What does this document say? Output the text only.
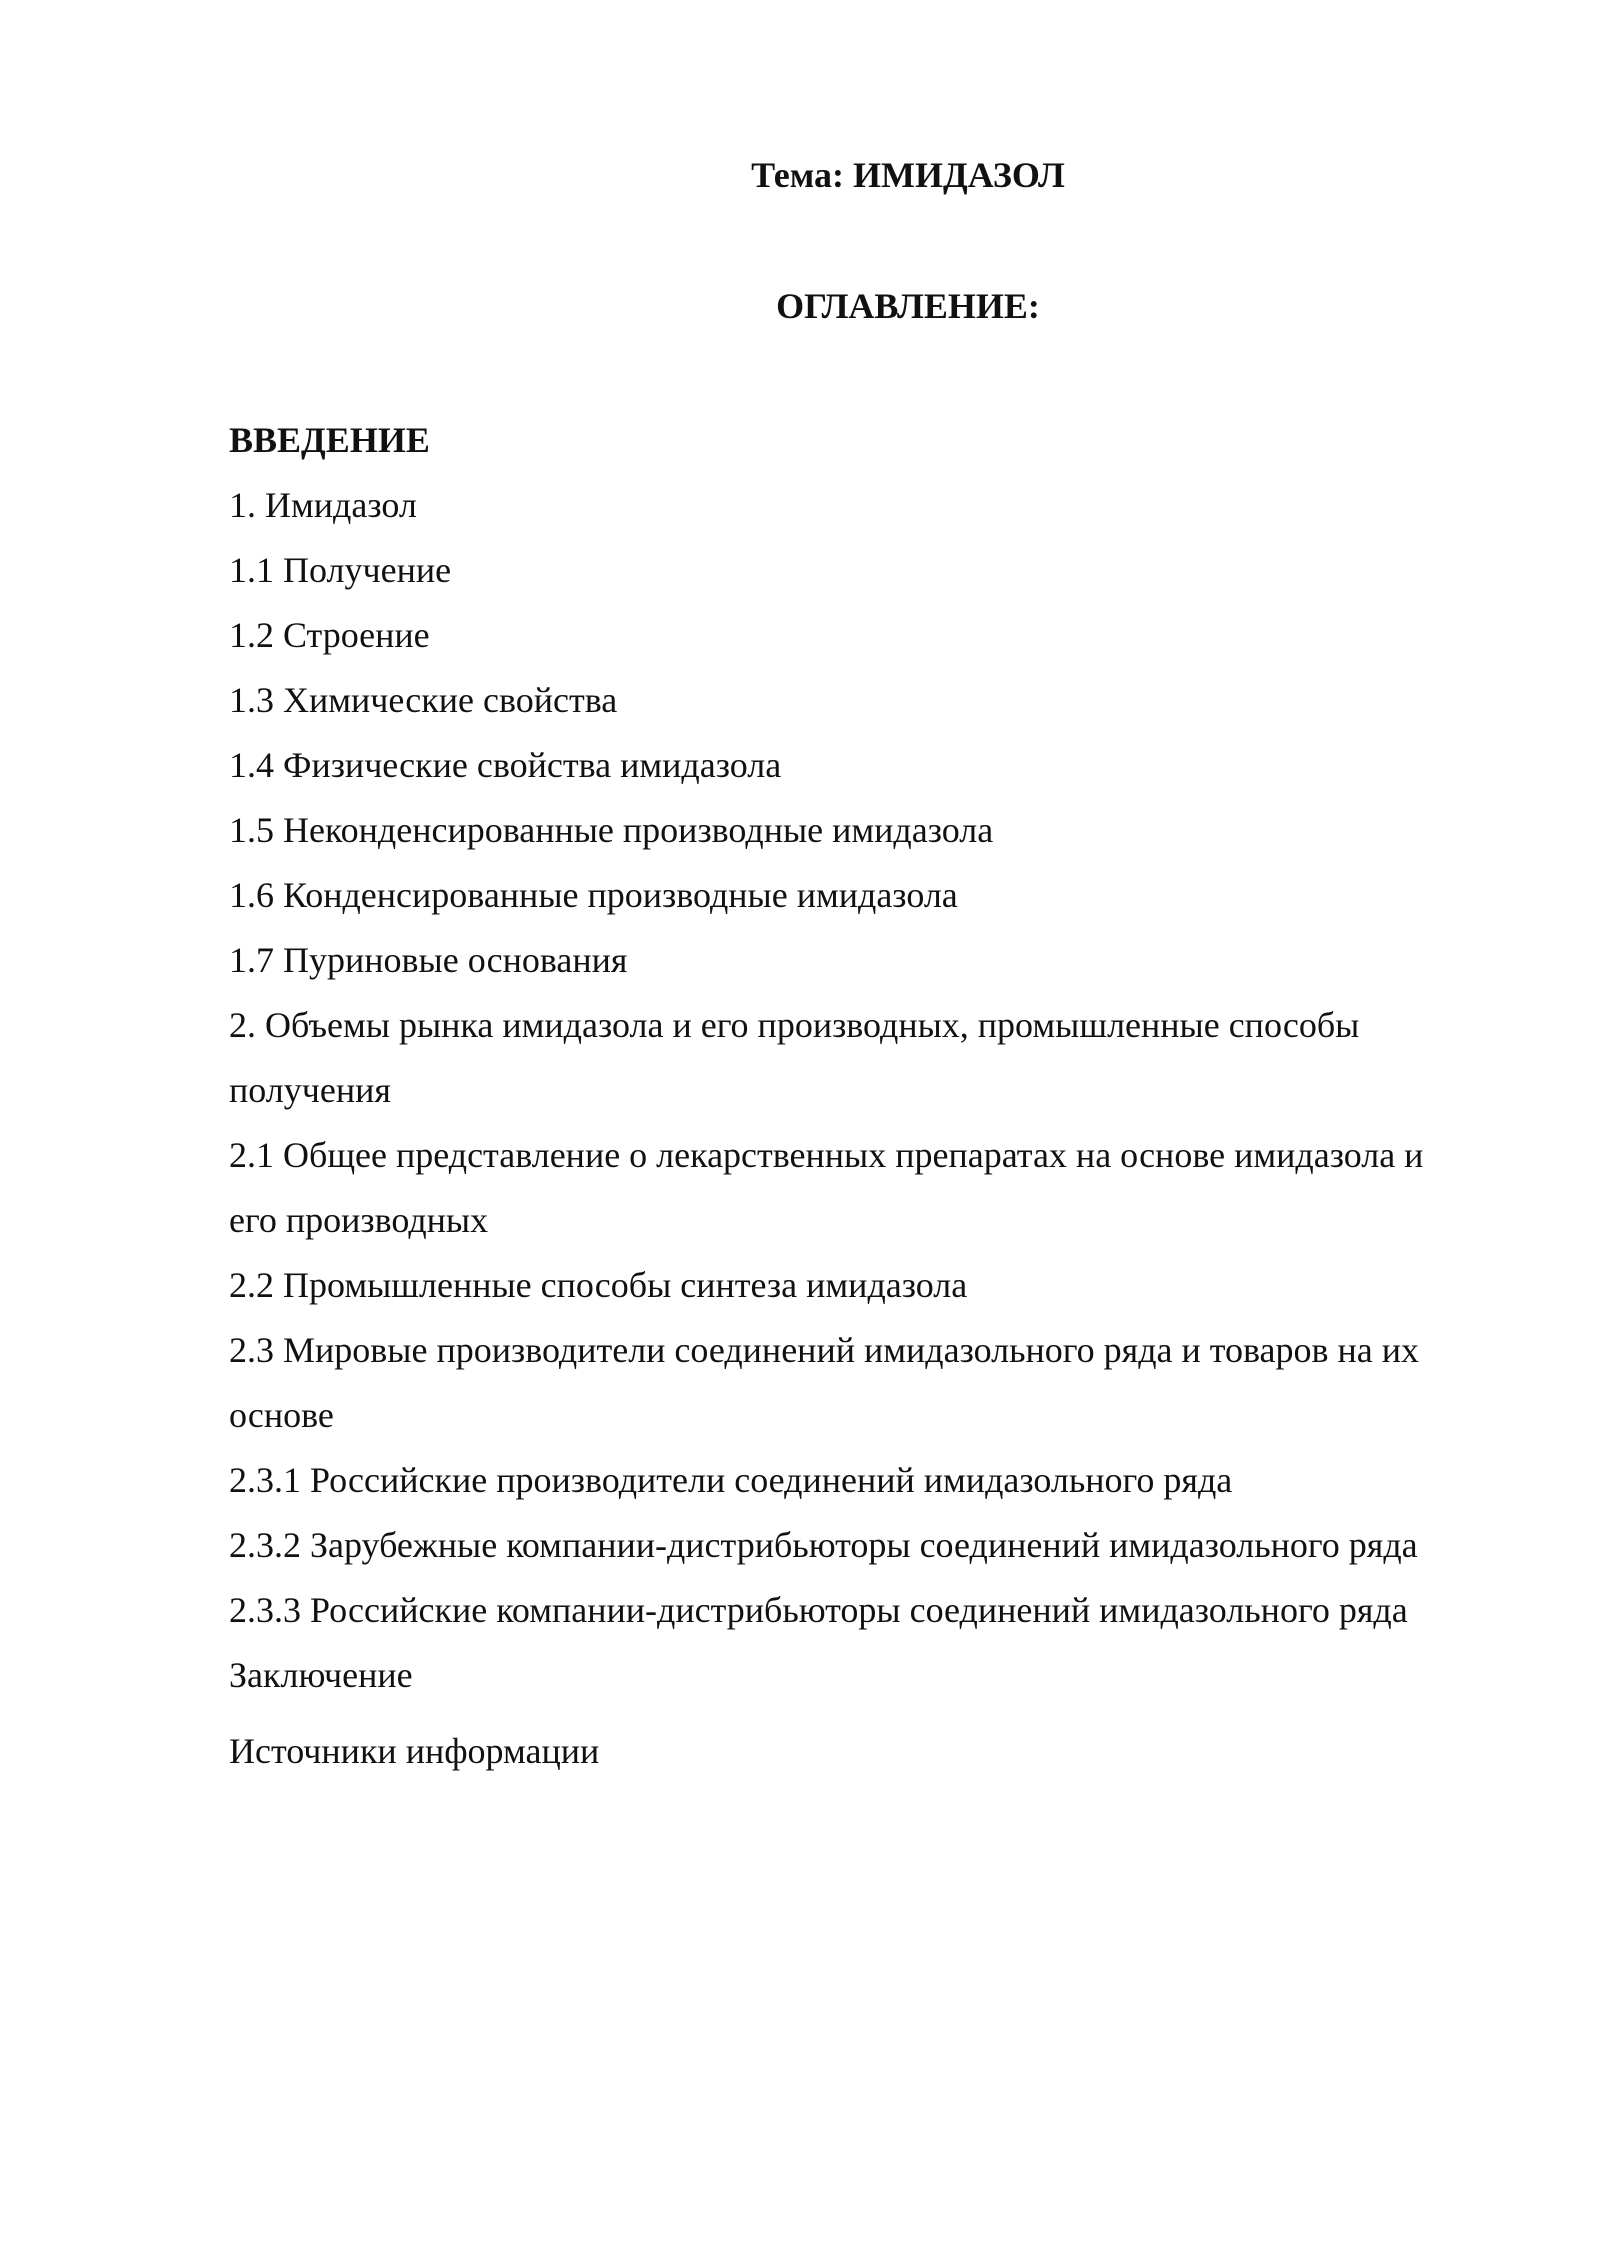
Тема: ИМИДАЗОЛ
ОГЛАВЛЕНИЕ:
ВВЕДЕНИЕ
1. Имидазол
1.1 Получение
1.2 Строение
1.3 Химические свойства
1.4 Физические свойства имидазола
1.5 Неконденсированные производные имидазола
1.6 Конденсированные производные имидазола
1.7 Пуриновые основания
2. Объемы рынка имидазола и его производных, промышленные способы
получения
2.1 Общее представление о лекарственных препаратах на основе имидазола и
его производных
2.2 Промышленные способы синтеза имидазола
2.3 Мировые производители соединений имидазольного ряда и товаров на их
основе
2.3.1 Российские производители соединений имидазольного ряда
2.3.2 Зарубежные компании-дистрибьюторы соединений имидазольного ряда
2.3.3 Российские компании-дистрибьюторы соединений имидазольного ряда
Заключение
Источники информации
